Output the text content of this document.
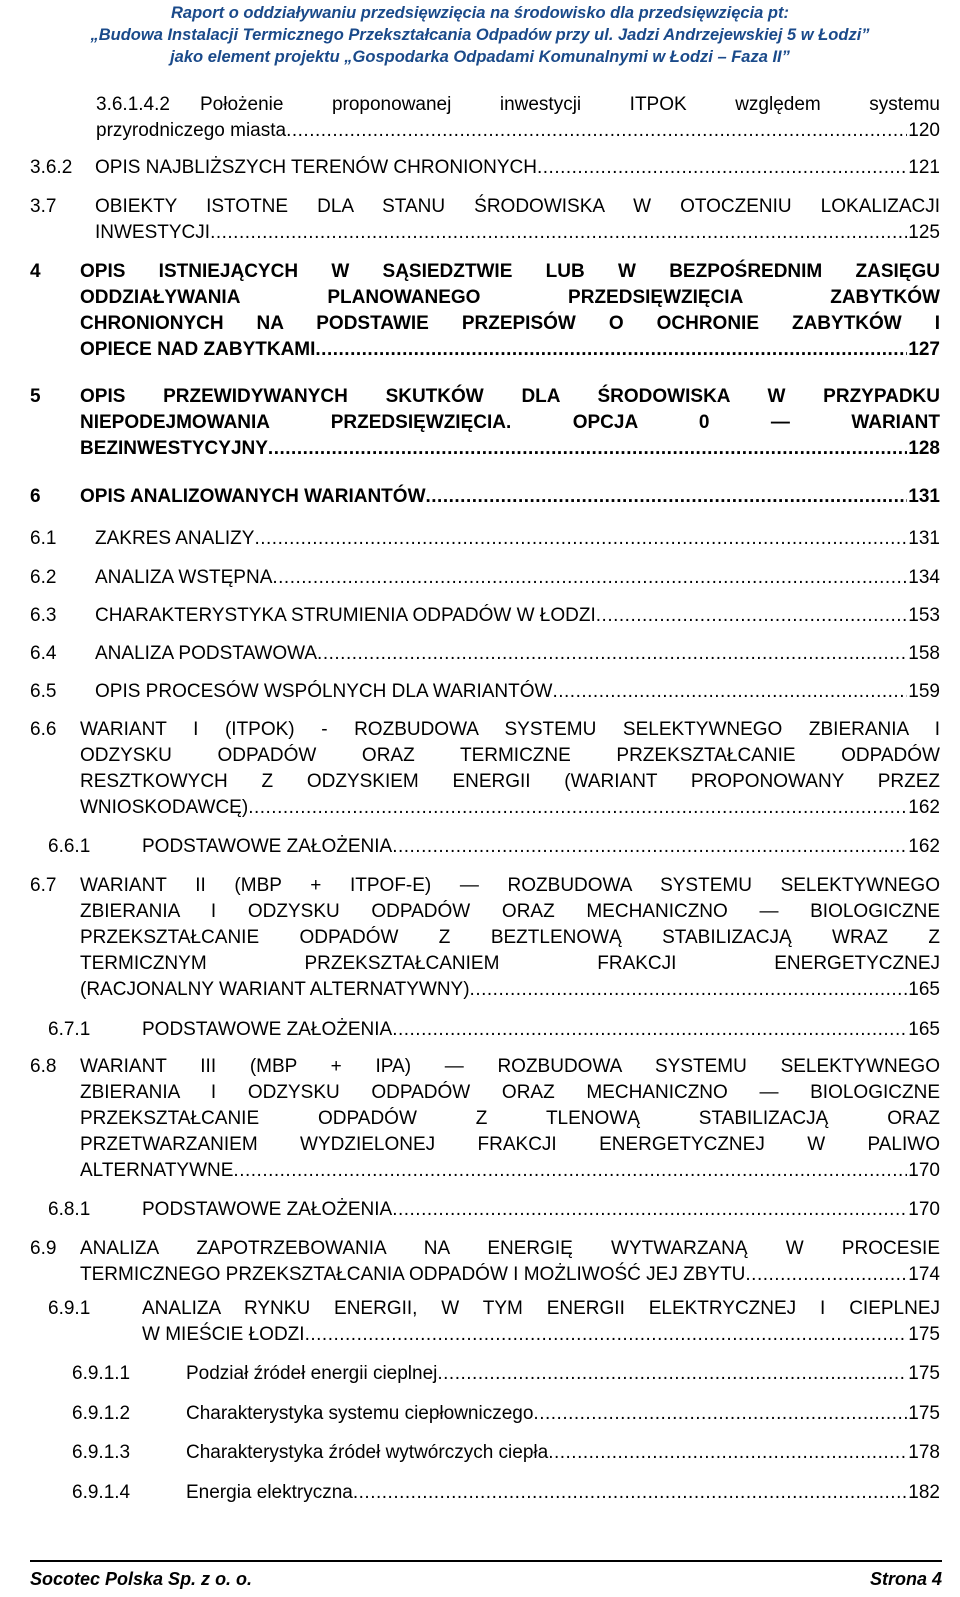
Raport o oddziaływaniu przedsięwzięcia na środowisko dla przedsięwzięcia pt:
„Budowa Instalacji Termicznego Przekształcania Odpadów przy ul. Jadzi Andrzejewskiej 5 w Łodzi”
jako element projektu „Gospodarka Odpadami Komunalnymi w Łodzi – Faza II”
3.6.1.4.2 Położenie proponowanej inwestycji ITPOK względem systemu
przyrodniczego miasta .....	120
3.6.2 OPIS NAJBLIŻSZYCH TERENÓW CHRONIONYCH .....	121
3.7 OBIEKTY ISTOTNE DLA STANU ŚRODOWISKA W OTOCZENIU LOKALIZACJI
INWESTYCJI .....	125
4 OPIS ISTNIEJĄCYCH W SĄSIEDZTWIE LUB W BEZPOŚREDNIM ZASIĘGU
ODDZIAŁYWANIA PLANOWANEGO PRZEDSIĘWZIĘCIA ZABYTKÓW
CHRONIONYCH NA PODSTAWIE PRZEPISÓW O OCHRONIE ZABYTKÓW I
OPIECE NAD ZABYTKAMI .....	127
5 OPIS PRZEWIDYWANYCH SKUTKÓW DLA ŚRODOWISKA W PRZYPADKU
NIEPODEJMOWANIA PRZEDSIĘWZIĘCIA. OPCJA 0 — WARIANT
BEZINWESTYCYJNY .....	128
6 OPIS ANALIZOWANYCH WARIANTÓW .....	131
6.1 ZAKRES ANALIZY .....	131
6.2 ANALIZA WSTĘPNA .....	134
6.3 CHARAKTERYSTYKA STRUMIENIA ODPADÓW W ŁODZI .....	153
6.4 ANALIZA PODSTAWOWA .....	158
6.5 OPIS PROCESÓW WSPÓLNYCH DLA WARIANTÓW .....	159
6.6 WARIANT I (ITPOK) - ROZBUDOWA SYSTEMU SELEKTYWNEGO ZBIERANIA I
ODZYSKU ODPADÓW ORAZ TERMICZNE PRZEKSZTAŁCANIE ODPADÓW
RESZTKOWYCH Z ODZYSKIEM ENERGII (WARIANT PROPONOWANY PRZEZ
WNIOSKODAWCĘ) .....	162
6.6.1	PODSTAWOWE ZAŁOŻENIA .....	162
6.7 WARIANT II (MBP + ITPOF-E) — ROZBUDOWA SYSTEMU SELEKTYWNEGO
ZBIERANIA I ODZYSKU ODPADÓW ORAZ MECHANICZNO — BIOLOGICZNE
PRZEKSZTAŁCANIE ODPADÓW Z BEZTLENOWĄ STABILIZACJĄ WRAZ Z
TERMICZNYM PRZEKSZTAŁCANIEM FRAKCJI ENERGETYCZNEJ
(RACJONALNY WARIANT ALTERNATYWNY) .....	165
6.7.1	PODSTAWOWE ZAŁOŻENIA .....	165
6.8 WARIANT III (MBP + IPA) — ROZBUDOWA SYSTEMU SELEKTYWNEGO
ZBIERANIA I ODZYSKU ODPADÓW ORAZ MECHANICZNO — BIOLOGICZNE
PRZEKSZTAŁCANIE ODPADÓW Z TLENOWĄ STABILIZACJĄ ORAZ
PRZETWARZANIEM WYDZIELONEJ FRAKCJI ENERGETYCZNEJ W PALIWO
ALTERNATYWNE .....	170
6.8.1	PODSTAWOWE ZAŁOŻENIA .....	170
6.9 ANALIZA ZAPOTRZEBOWANIA NA ENERGIĘ WYTWARZANĄ W PROCESIE
TERMICZNEGO PRZEKSZTAŁCANIA ODPADÓW I MOŻLIWOŚĆ JEJ ZBYTU .....	174
6.9.1	ANALIZA RYNKU ENERGII, W TYM ENERGII ELEKTRYCZNEJ I CIEPLNEJ
W MIEŚCIE ŁODZI .....	175
6.9.1.1	Podział źródeł energii cieplnej .....	175
6.9.1.2	Charakterystyka systemu ciepłowniczego .....	175
6.9.1.3	Charakterystyka źródeł wytwórczych ciepła .....	178
6.9.1.4	Energia elektryczna .....	182
Socotec Polska Sp. z o. o.	Strona 4
